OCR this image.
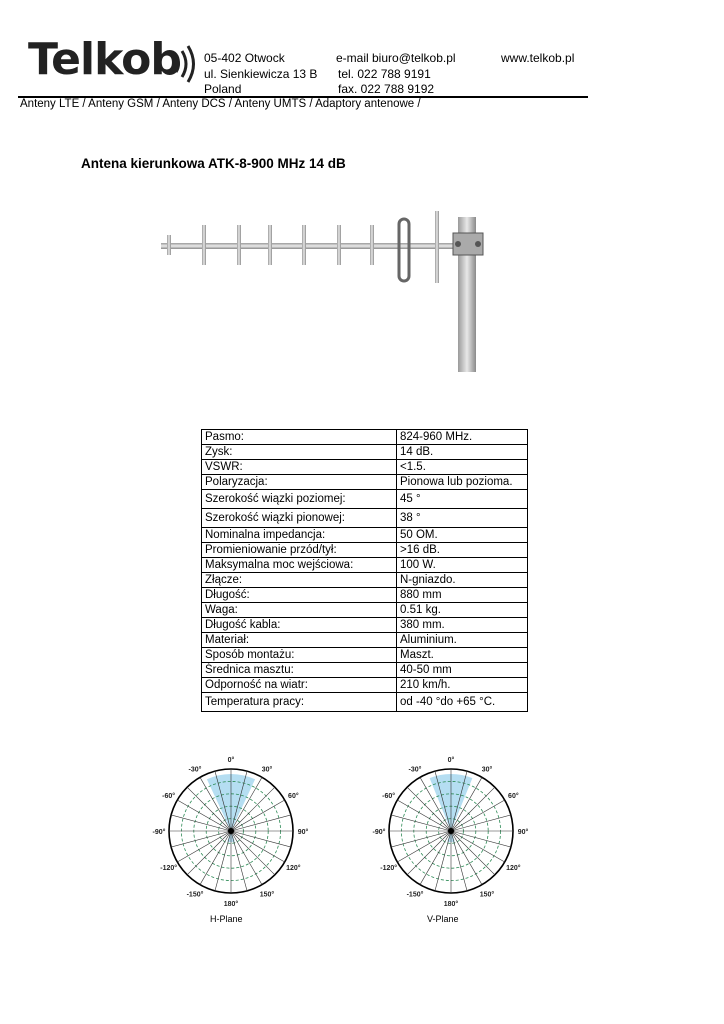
Telkob 05-402 Otwock
ul. Sienkiewicza 13 B
Poland
e-mail biuro@telkob.pl	www.telkob.pl
tel. 022 788 9191
fax. 022 788 9192
Anteny LTE / Anteny GSM / Anteny DCS / Anteny UMTS / Adaptory antenowe /
Antena kierunkowa ATK-8-900 MHz 14 dB
Pasmo:	824-960 MHz.
Zysk:	14 dB.
VSWR:	<1.5.
Polaryzacja:	Pionowa lub pozioma.
Szerokość wiązki poziomej:	45 °
Szerokość wiązki pionowej:	38 °
Nominalna impedancja:	50 OM.
Promieniowanie przód/tył:	>16 dB.
Maksymalna moc wejściowa:	100 W.
Złącze:	N-gniazdo.
Długość:	880 mm
Waga:	0.51 kg.
Długość kabla:	380 mm.
Materiał:	Aluminium.
Sposób montażu:	Maszt.
Średnica masztu:	40-50 mm
Odporność na wiatr:	210 km/h.
Temperatura pracy:	od -40 °do +65 °C.
0°
30°
60°
90°
120°
150°
180°
-150°
-120°
-90°
-60°
-30°
H-Plane
0°
30°
60°
90°
120°
150°
180°
-150°
-120°
-90°
-60°
-30°
V-Plane
